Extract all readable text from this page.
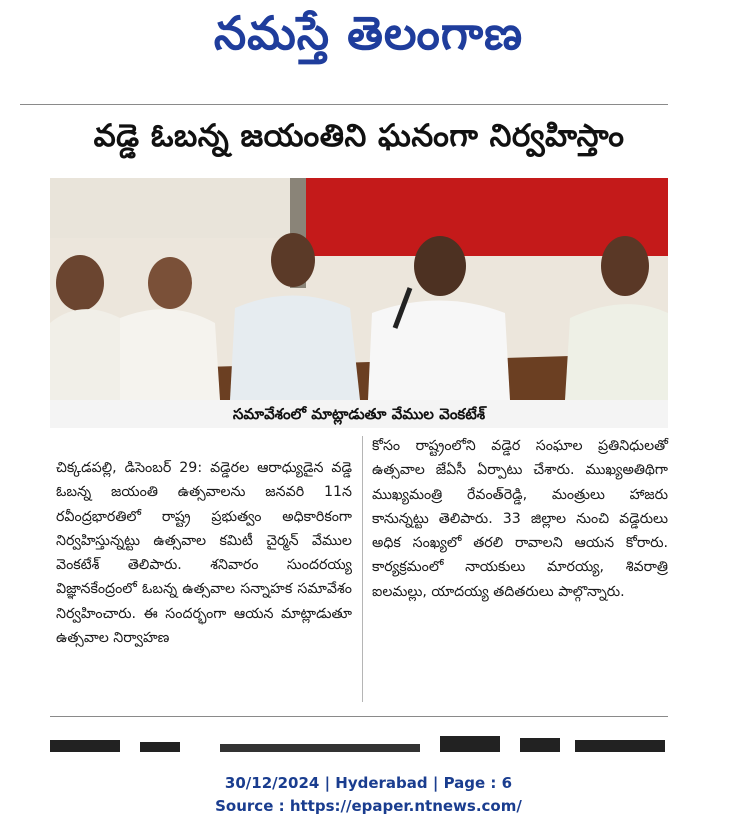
నమస్తే తెలంగాణ
వడ్డె ఓబన్న జయంతిని ఘనంగా నిర్వహిస్తాం
సమావేశంలో మాట్లాడుతూ వేముల వెంకటేశ్
చిక్కడపల్లి, డిసెంబర్ 29: వడ్డెరల ఆరాధ్యుడైన వడ్డె ఓబన్న జయంతి ఉత్సవాలను జనవరి 11న రవీంద్రభారతిలో రాష్ట్ర ప్రభుత్వం అధికారికంగా నిర్వహిస్తున్నట్టు ఉత్సవాల కమిటీ చైర్మన్ వేముల వెంకటేశ్ తెలిపారు. శనివారం సుందరయ్య విజ్ఞానకేంద్రంలో ఓబన్న ఉత్సవాల సన్నాహక సమావేశం నిర్వహించారు. ఈ సందర్భంగా ఆయన మాట్లాడుతూ ఉత్సవాల నిర్వాహణ
కోసం రాష్ట్రంలోని వడ్డెర సంఘాల ప్రతినిధులతో ఉత్సవాల జేఏసీ ఏర్పాటు చేశారు. ముఖ్యఅతిథిగా ముఖ్యమంత్రి రేవంత్‌రెడ్డి, మంత్రులు హాజరు కానున్నట్టు తెలిపారు. 33 జిల్లాల నుంచి వడ్డెరులు అధిక సంఖ్యలో తరలి రావాలని ఆయన కోరారు. కార్యక్రమంలో నాయకులు మారయ్య, శివరాత్రి ఐలమల్లు, యాదయ్య తదితరులు పాల్గొన్నారు.
30/12/2024 | Hyderabad | Page : 6
Source : https://epaper.ntnews.com/
